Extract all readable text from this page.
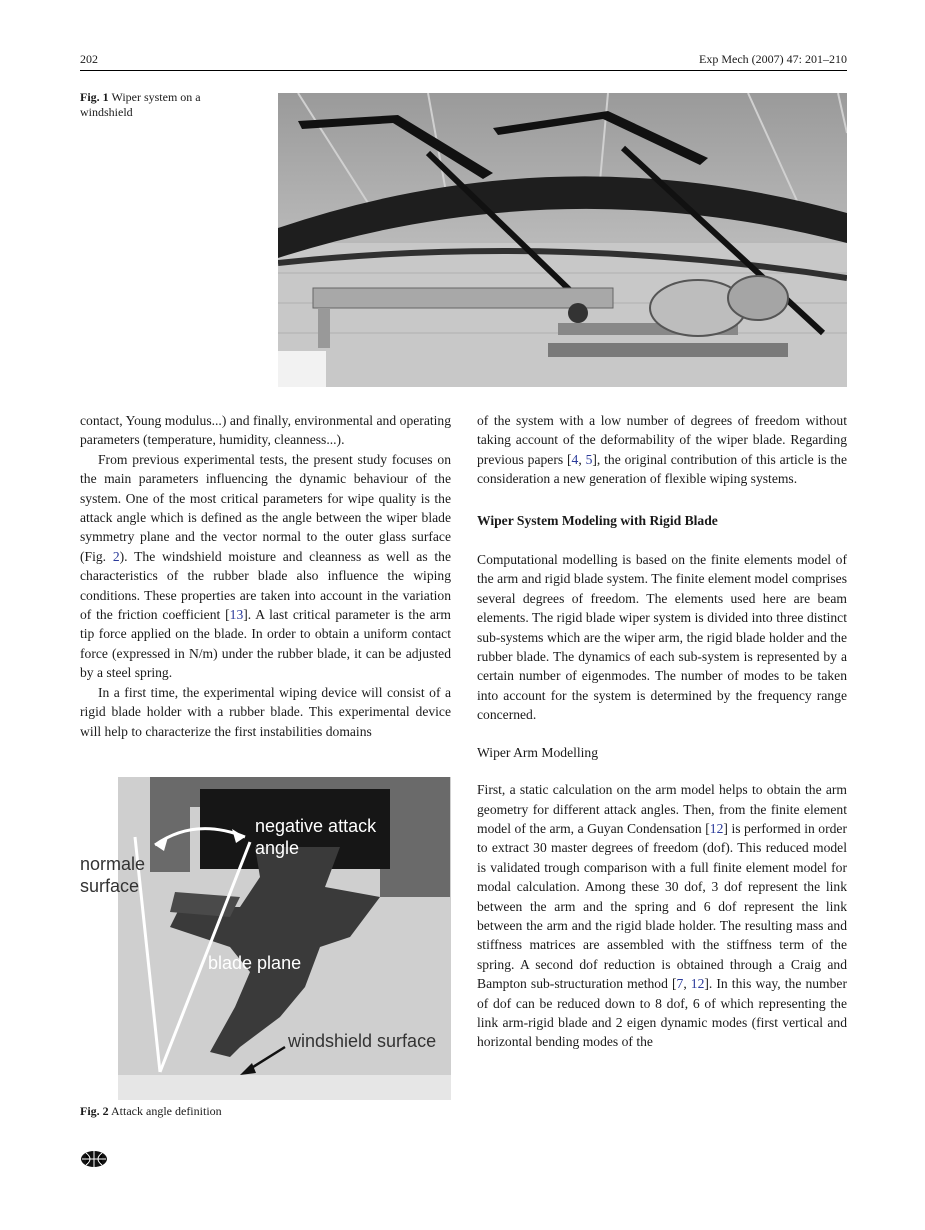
202	Exp Mech (2007) 47: 201–210
Fig. 1 Wiper system on a windshield

contact, Young modulus...) and finally, environmental and operating parameters (temperature, humidity, cleanness...).

From previous experimental tests, the present study focuses on the main parameters influencing the dynamic behaviour of the system. One of the most critical parameters for wipe quality is the attack angle which is defined as the angle between the wiper blade symmetry plane and the vector normal to the outer glass surface (Fig. 2). The windshield moisture and cleanness as well as the characteristics of the rubber blade also influence the wiping conditions. These properties are taken into account in the variation of the friction coefficient [13]. A last critical parameter is the arm tip force applied on the blade. In order to obtain a uniform contact force (expressed in N/m) under the rubber blade, it can be adjusted by a steel spring.

In a first time, the experimental wiping device will consist of a rigid blade holder with a rubber blade. This experimental device will help to characterize the first instabilities domains

normale
surface
negative attack
angle
blade plane
windshield surface
Fig. 2 Attack angle definition

of the system with a low number of degrees of freedom without taking account of the deformability of the wiper blade. Regarding previous papers [4, 5], the original contribution of this article is the consideration a new generation of flexible wiping systems.

Wiper System Modeling with Rigid Blade

Computational modelling is based on the finite elements model of the arm and rigid blade system. The finite element model comprises several degrees of freedom. The elements used here are beam elements. The rigid blade wiper system is divided into three distinct sub-systems which are the wiper arm, the rigid blade holder and the rubber blade. The dynamics of each sub-system is represented by a certain number of eigenmodes. The number of modes to be taken into account for the system is determined by the frequency range concerned.

Wiper Arm Modelling

First, a static calculation on the arm model helps to obtain the arm geometry for different attack angles. Then, from the finite element model of the arm, a Guyan Condensation [12] is performed in order to extract 30 master degrees of freedom (dof). This reduced model is validated trough comparison with a full finite element model for modal calculation. Among these 30 dof, 3 dof represent the link between the arm and the spring and 6 dof represent the link between the arm and the rigid blade holder. The resulting mass and stiffness matrices are assembled with the stiffness term of the spring. A second dof reduction is obtained through a Craig and Bampton sub-structuration method [7, 12]. In this way, the number of dof can be reduced down to 8 dof, 6 of which representing the link arm-rigid blade and 2 eigen dynamic modes (first vertical and horizontal bending modes of the
